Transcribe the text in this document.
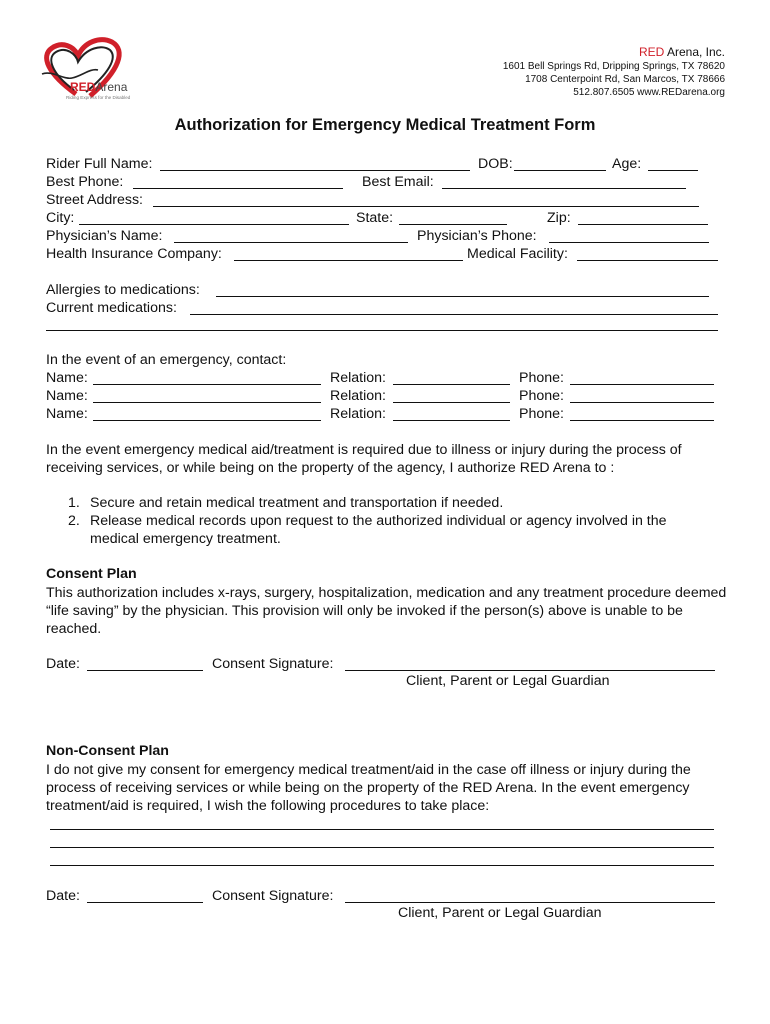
REDArena
Riding Express for the Disabled
RED Arena, Inc.
1601 Bell Springs Rd, Dripping Springs, TX 78620
1708 Centerpoint Rd, San Marcos, TX 78666
512.807.6505 www.REDarena.org
Authorization for Emergency Medical Treatment Form
Rider Full Name:	DOB:	Age:
Best Phone:	Best Email:
Street Address:
City:	State:	Zip:
Physician’s Name:	Physician’s Phone:
Health Insurance Company:	Medical Facility:
Allergies to medications:
Current medications:
In the event of an emergency, contact:
Name:	Relation:	Phone:
Name:	Relation:	Phone:
Name:	Relation:	Phone:
In the event emergency medical aid/treatment is required due to illness or injury during the process of receiving services, or while being on the property of the agency, I authorize RED Arena to :
1. Secure and retain medical treatment and transportation if needed.
2. Release medical records upon request to the authorized individual or agency involved in the
medical emergency treatment.
Consent Plan
This authorization includes x-rays, surgery, hospitalization, medication and any treatment procedure deemed “life saving” by the physician. This provision will only be invoked if the person(s) above is unable to be reached.
Date:	Consent Signature:
Client, Parent or Legal Guardian
Non-Consent Plan
I do not give my consent for emergency medical treatment/aid in the case off illness or injury during the process of receiving services or while being on the property of the RED Arena. In the event emergency treatment/aid is required, I wish the following procedures to take place:
Date:	Consent Signature:
Client, Parent or Legal Guardian
